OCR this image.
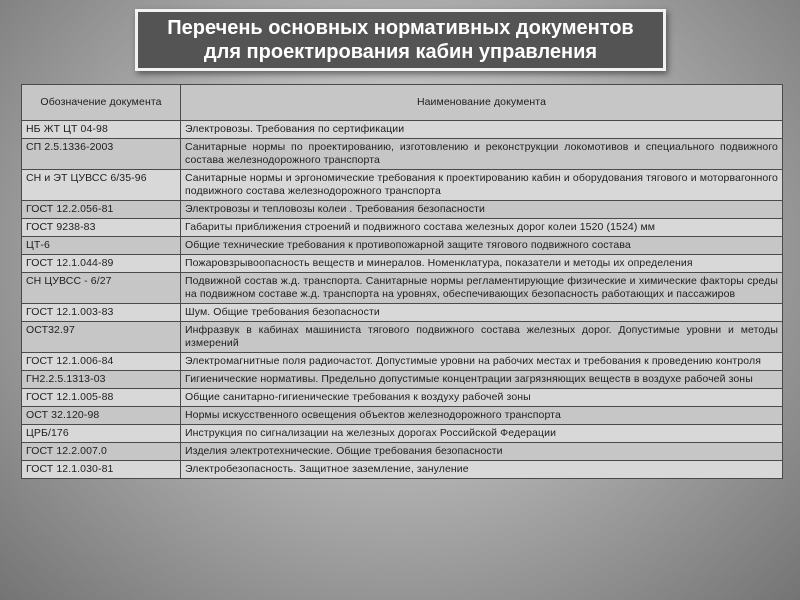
Перечень основных нормативных документов
для проектирования кабин управления
Обозначение документа	Наименование документа
НБ ЖТ ЦТ 04-98	Электровозы. Требования по сертификации
СП 2.5.1336-2003	Санитарные нормы по проектированию, изготовлению и реконструкции локомотивов и специального подвижного состава железнодорожного транспорта
СН и ЭТ ЦУВСС 6/35-96	Санитарные нормы и эргономические требования к проектированию кабин и оборудования тягового и моторвагонного подвижного состава железнодорожного транспорта
ГОСТ 12.2.056-81	Электровозы и тепловозы колеи . Требования безопасности
ГОСТ 9238-83	Габариты приближения строений и подвижного состава железных дорог колеи 1520 (1524) мм
ЦТ-6	Общие технические требования к противопожарной защите тягового подвижного состава
ГОСТ 12.1.044-89	Пожаровзрывоопасность веществ и минералов. Номенклатура, показатели и методы их определения
СН ЦУВСС - 6/27	Подвижной состав ж.д. транспорта. Санитарные нормы регламентирующие физические и химические факторы среды на подвижном составе ж.д. транспорта на уровнях, обеспечивающих безопасность работающих и пассажиров
ГОСТ 12.1.003-83	Шум. Общие требования безопасности
ОСТ32.97	Инфразвук в кабинах машиниста тягового подвижного состава железных дорог. Допустимые уровни и методы измерений
ГОСТ 12.1.006-84	Электромагнитные поля радиочастот. Допустимые уровни на рабочих местах и требования к проведению контроля
ГН2.2.5.1313-03	Гигиенические нормативы. Предельно допустимые концентрации загрязняющих веществ в воздухе рабочей зоны
ГОСТ 12.1.005-88	Общие санитарно-гигиенические требования к воздуху рабочей зоны
ОСТ 32.120-98	Нормы искусственного освещения объектов железнодорожного транспорта
ЦРБ/176	Инструкция по сигнализации на железных дорогах Российской Федерации
ГОСТ 12.2.007.0	Изделия электротехнические. Общие требования безопасности
ГОСТ 12.1.030-81	Электробезопасность. Защитное заземление, зануление
